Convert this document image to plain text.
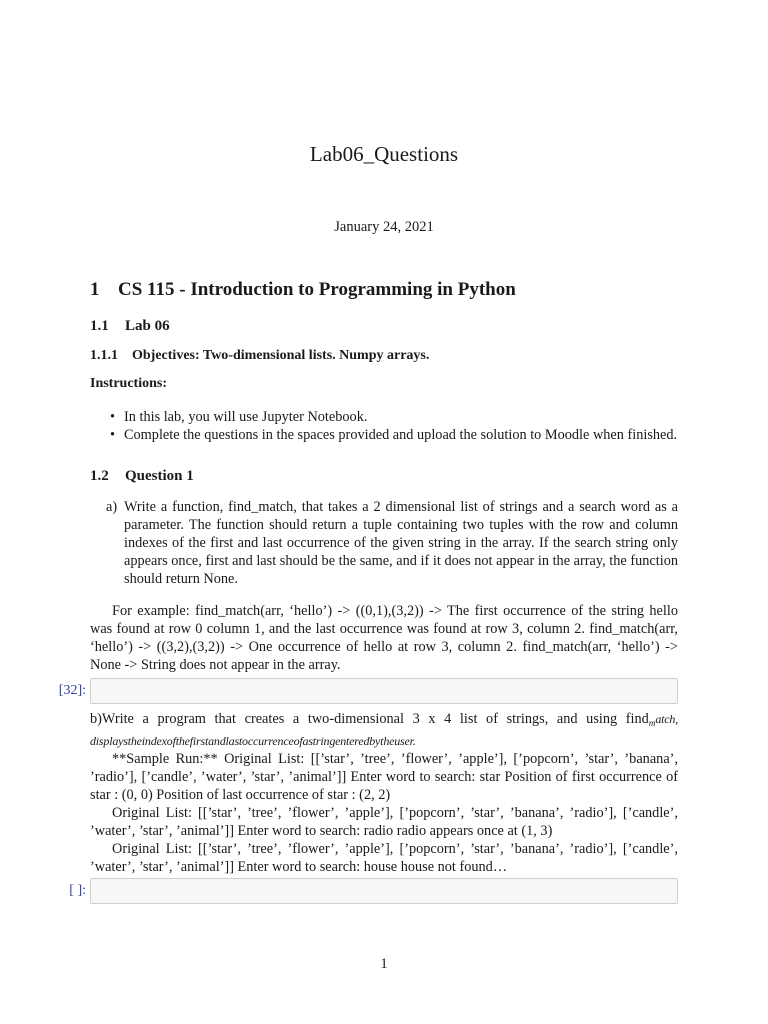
Lab06_Questions
January 24, 2021
1 CS 115 - Introduction to Programming in Python
1.1 Lab 06
1.1.1 Objectives: Two-dimensional lists. Numpy arrays.
Instructions:
• In this lab, you will use Jupyter Notebook.
• Complete the questions in the spaces provided and upload the solution to Moodle when finished.
1.2 Question 1
a) Write a function, find_match, that takes a 2 dimensional list of strings and a search word as a parameter. The function should return a tuple containing two tuples with the row and column indexes of the first and last occurrence of the given string in the array. If the search string only appears once, first and last should be the same, and if it does not appear in the array, the function should return None.

For example: find_match(arr, ‘hello’) -> ((0,1),(3,2)) -> The first occurrence of the string hello was found at row 0 column 1, and the last occurrence was found at row 3, column 2. find_match(arr, ‘hello’) -> ((3,2),(3,2)) -> One occurrence of hello at row 3, column 2. find_match(arr, ‘hello’) -> None -> String does not appear in the array.

[32]:

b)Write a program that creates a two-dimensional 3 x 4 list of strings, and using find$_m$atch, displaystheindexofthefirstandlastoccurrenceofastringenteredbytheuser.

**Sample Run:** Original List: [[’star’, ’tree’, ’flower’, ’apple’], [’popcorn’, ’star’, ’banana’, ’radio’], [’candle’, ’water’, ’star’, ’animal’]] Enter word to search: star Position of first occurrence of star : (0, 0) Position of last occurrence of star : (2, 2)

Original List: [[’star’, ’tree’, ’flower’, ’apple’], [’popcorn’, ’star’, ’banana’, ’radio’], [’candle’, ’water’, ’star’, ’animal’]] Enter word to search: radio radio appears once at (1, 3)

Original List: [[’star’, ’tree’, ’flower’, ’apple’], [’popcorn’, ’star’, ’banana’, ’radio’], [’candle’, ’water’, ’star’, ’animal’]] Enter word to search: house house not found…

[ ]:
1
